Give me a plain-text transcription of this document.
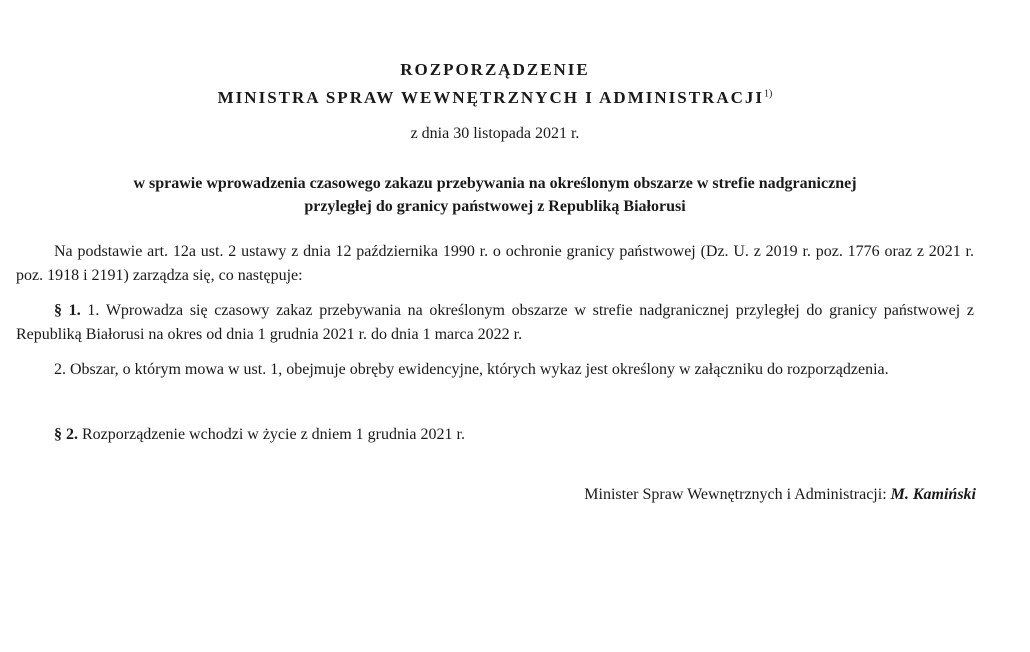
ROZPORZĄDZENIE
MINISTRA SPRAW WEWNĘTRZNYCH I ADMINISTRACJI$^{1)}$
z dnia 30 listopada 2021 r.
w sprawie wprowadzenia czasowego zakazu przebywania na określonym obszarze w strefie nadgranicznej
przyległej do granicy państwowej z Republiką Białorusi
Na podstawie art. 12a ust. 2 ustawy z dnia 12 października 1990 r. o ochronie granicy państwowej (Dz. U. z 2019 r. poz. 1776 oraz z 2021 r. poz. 1918 i 2191) zarządza się, co następuje:
§ 1. 1. Wprowadza się czasowy zakaz przebywania na określonym obszarze w strefie nadgranicznej przyległej do granicy państwowej z Republiką Białorusi na okres od dnia 1 grudnia 2021 r. do dnia 1 marca 2022 r.
2. Obszar, o którym mowa w ust. 1, obejmuje obręby ewidencyjne, których wykaz jest określony w załączniku do rozporządzenia.
§ 2. Rozporządzenie wchodzi w życie z dniem 1 grudnia 2021 r.
Minister Spraw Wewnętrznych i Administracji: M. Kamiński
